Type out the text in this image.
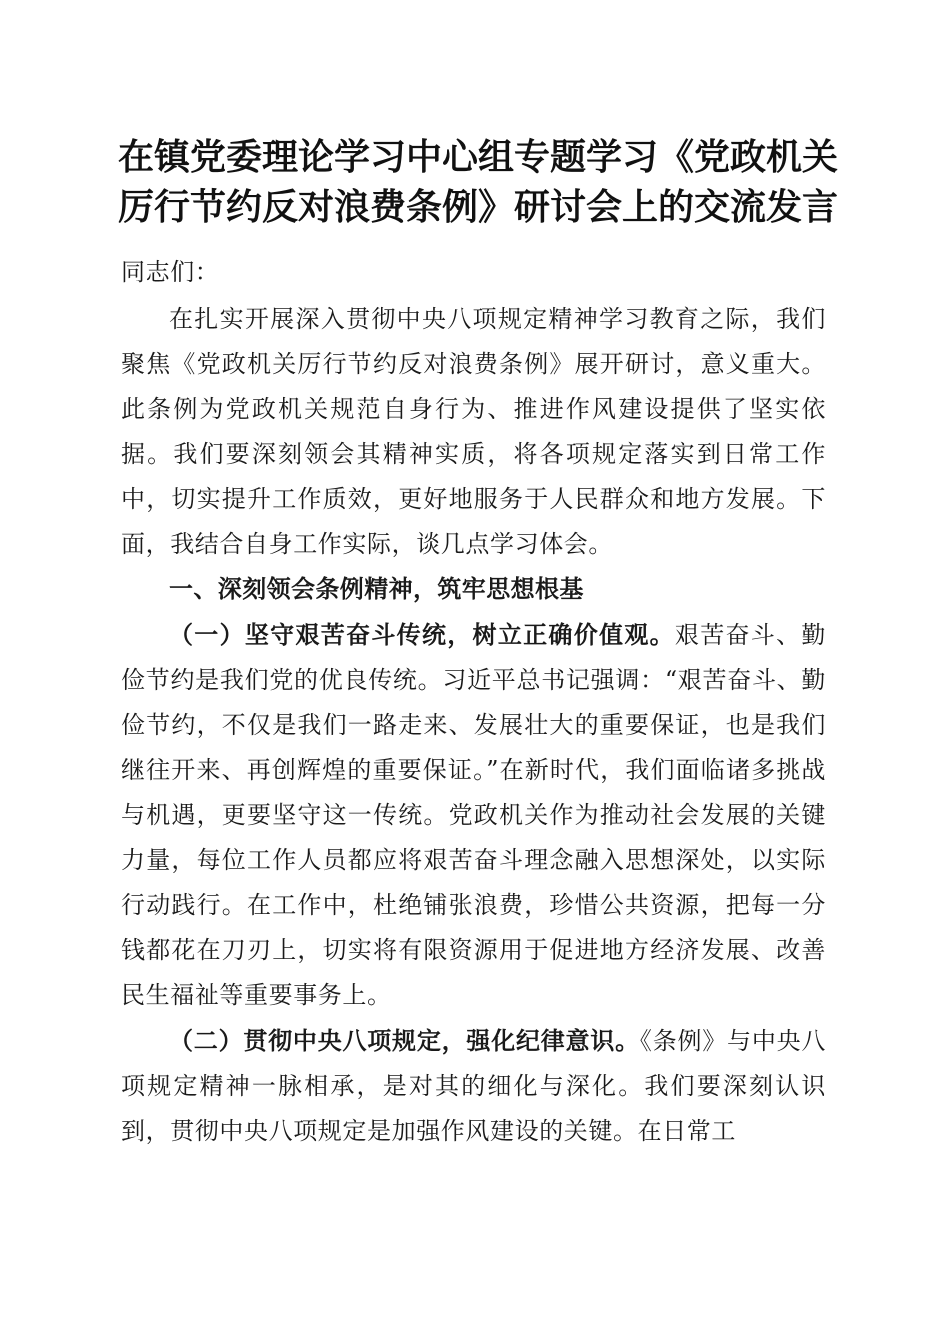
在镇党委理论学习中心组专题学习《党政机关
厉行节约反对浪费条例》研讨会上的交流发言

同志们：

在扎实开展深入贯彻中央八项规定精神学习教育之际，我们聚焦《党政机关厉行节约反对浪费条例》展开研讨，意义重大。此条例为党政机关规范自身行为、推进作风建设提供了坚实依据。我们要深刻领会其精神实质，将各项规定落实到日常工作中，切实提升工作质效，更好地服务于人民群众和地方发展。下面，我结合自身工作实际，谈几点学习体会。

一、深刻领会条例精神，筑牢思想根基

（一）坚守艰苦奋斗传统，树立正确价值观。艰苦奋斗、勤俭节约是我们党的优良传统。习近平总书记强调：“艰苦奋斗、勤俭节约，不仅是我们一路走来、发展壮大的重要保证，也是我们继往开来、再创辉煌的重要保证。”在新时代，我们面临诸多挑战与机遇，更要坚守这一传统。党政机关作为推动社会发展的关键力量，每位工作人员都应将艰苦奋斗理念融入思想深处，以实际行动践行。在工作中，杜绝铺张浪费，珍惜公共资源，把每一分钱都花在刀刃上，切实将有限资源用于促进地方经济发展、改善民生福祉等重要事务上。

（二）贯彻中央八项规定，强化纪律意识。《条例》与中央八项规定精神一脉相承，是对其的细化与深化。我们要深刻认识到，贯彻中央八项规定是加强作风建设的关键。在日常工
